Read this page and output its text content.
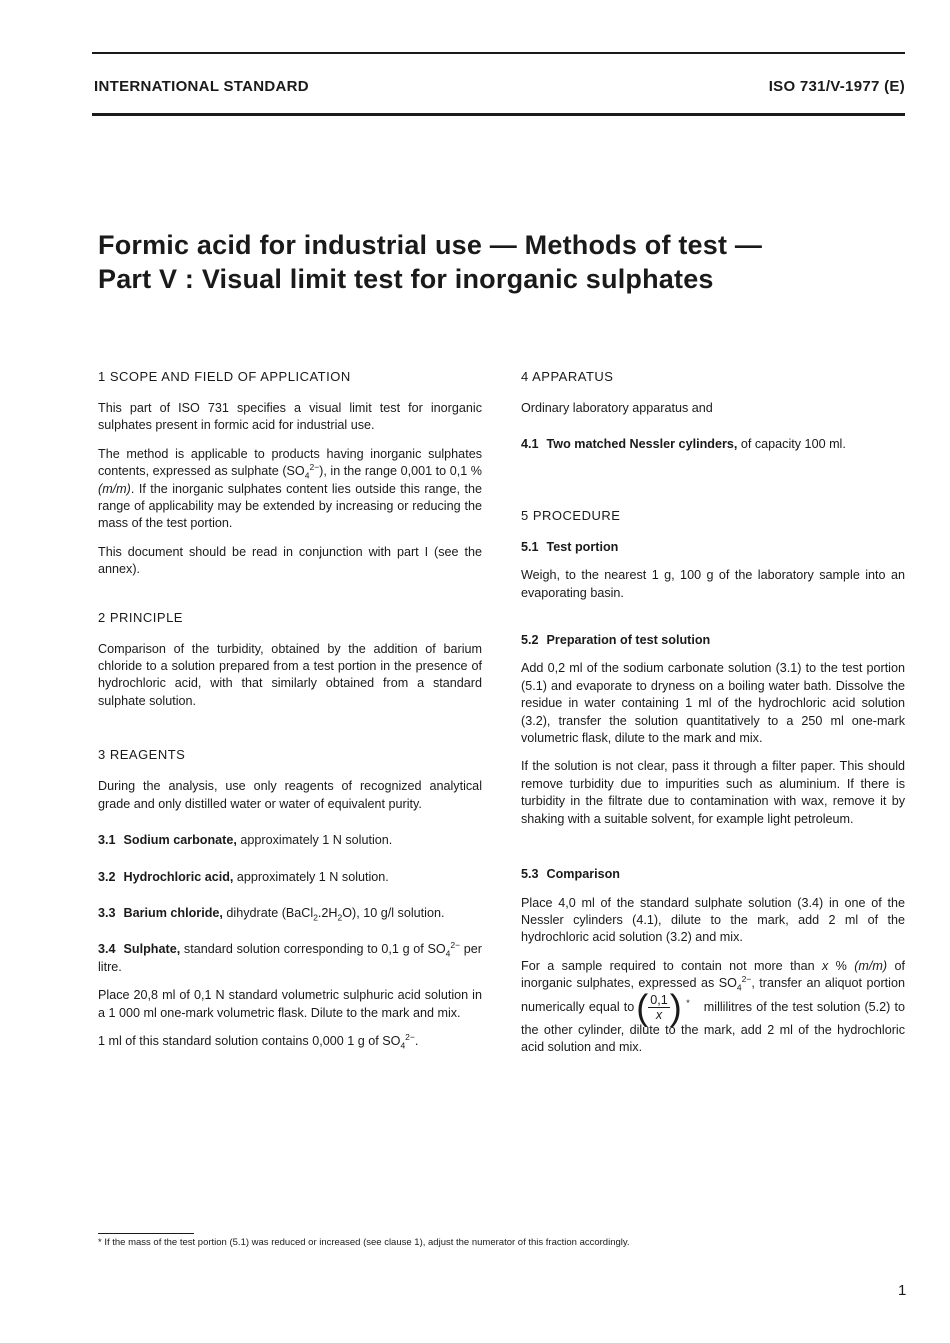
INTERNATIONAL STANDARD	ISO 731/V-1977 (E)
Formic acid for industrial use — Methods of test —
Part V : Visual limit test for inorganic sulphates
1 SCOPE AND FIELD OF APPLICATION

This part of ISO 731 specifies a visual limit test for inorganic sulphates present in formic acid for industrial use.

The method is applicable to products having inorganic sulphates contents, expressed as sulphate $(SO_4^{2-})$, in the range 0,001 to 0,1 % (m/m). If the inorganic sulphates content lies outside this range, the range of applicability may be extended by increasing or reducing the mass of the test portion.

This document should be read in conjunction with part I (see the annex).

2 PRINCIPLE

Comparison of the turbidity, obtained by the addition of barium chloride to a solution prepared from a test portion in the presence of hydrochloric acid, with that similarly obtained from a standard sulphate solution.

3 REAGENTS

During the analysis, use only reagents of recognized analytical grade and only distilled water or water of equivalent purity.

3.1 Sodium carbonate, approximately 1 N solution.

3.2 Hydrochloric acid, approximately 1 N solution.

3.3 Barium chloride, dihydrate $(BaCl_2.2H_2O)$, 10 g/l solution.

3.4 Sulphate, standard solution corresponding to 0,1 g of $SO_4^{2-}$ per litre.

Place 20,8 ml of 0,1 N standard volumetric sulphuric acid solution in a 1 000 ml one-mark volumetric flask. Dilute to the mark and mix.

1 ml of this standard solution contains 0,000 1 g of $SO_4^{2-}$.

4 APPARATUS

Ordinary laboratory apparatus and

4.1 Two matched Nessler cylinders, of capacity 100 ml.

5 PROCEDURE

5.1 Test portion

Weigh, to the nearest 1 g, 100 g of the laboratory sample into an evaporating basin.

5.2 Preparation of test solution

Add 0,2 ml of the sodium carbonate solution (3.1) to the test portion (5.1) and evaporate to dryness on a boiling water bath. Dissolve the residue in water containing 1 ml of the hydrochloric acid solution (3.2), transfer the solution quantitatively to a 250 ml one-mark volumetric flask, dilute to the mark and mix.

If the solution is not clear, pass it through a filter paper. This should remove turbidity due to impurities such as aluminium. If there is turbidity in the filtrate due to contamination with wax, remove it by shaking with a suitable solvent, for example light petroleum.

5.3 Comparison

Place 4,0 ml of the standard sulphate solution (3.4) in one of the Nessler cylinders (4.1), dilute to the mark, add 2 ml of the hydrochloric acid solution (3.2) and mix.

For a sample required to contain not more than x % (m/m) of inorganic sulphates, expressed as $SO_4^{2-}$, transfer an aliquot portion numerically equal $to( \frac{0,1}{x}$ ) * millilitres of the test solution (5.2) to the other cylinder, dilute to the mark, add 2 ml of the hydrochloric acid solution and mix.

* If the mass of the test portion (5.1) was reduced or increased (see clause 1), adjust the numerator of this fraction accordingly.
1
